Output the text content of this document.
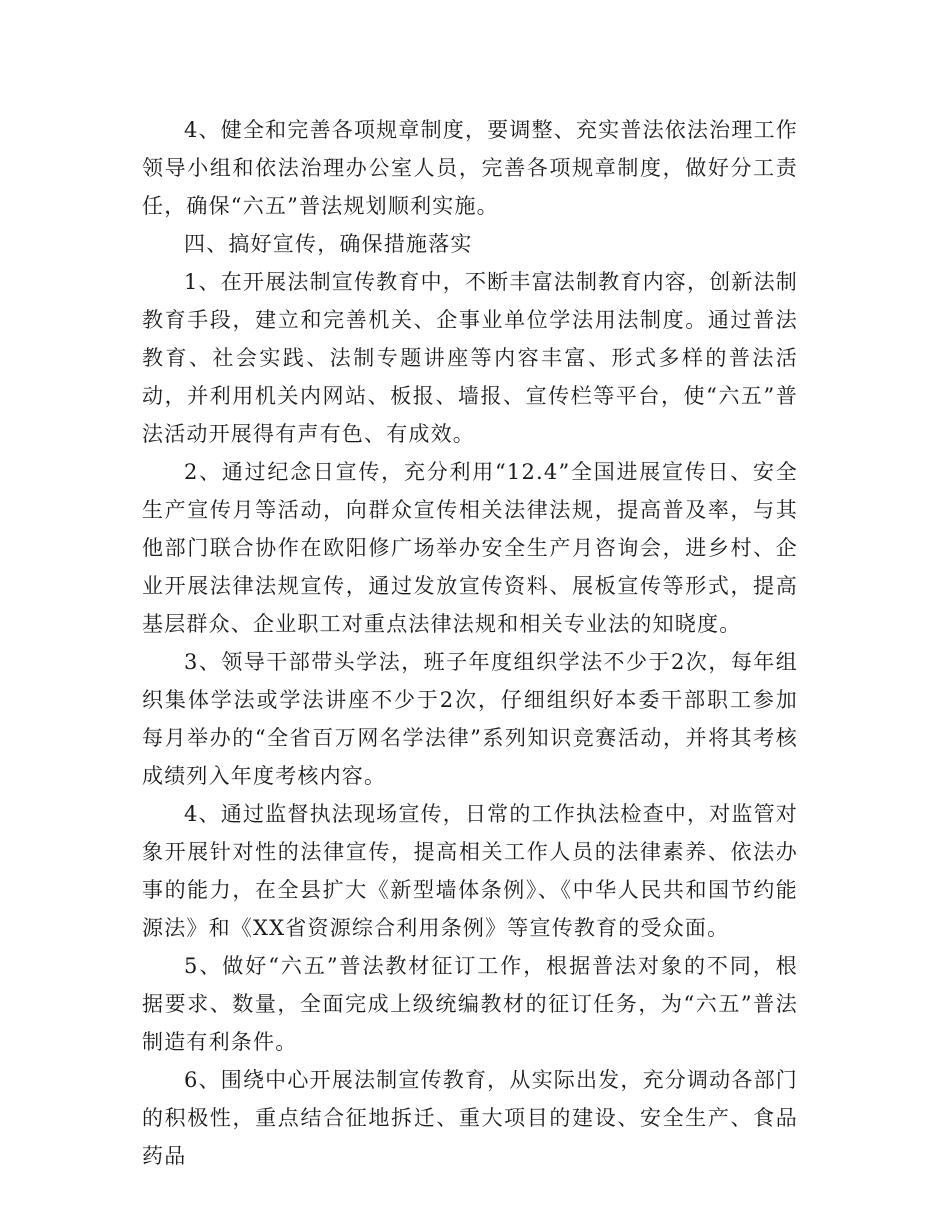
4、健全和完善各项规章制度，要调整、充实普法依法治理工作领导小组和依法治理办公室人员，完善各项规章制度，做好分工责任，确保“六五”普法规划顺利实施。

四、搞好宣传，确保措施落实

1、在开展法制宣传教育中，不断丰富法制教育内容，创新法制教育手段，建立和完善机关、企事业单位学法用法制度。通过普法教育、社会实践、法制专题讲座等内容丰富、形式多样的普法活动，并利用机关内网站、板报、墙报、宣传栏等平台，使“六五”普法活动开展得有声有色、有成效。

2、通过纪念日宣传，充分利用“12.4”全国进展宣传日、安全生产宣传月等活动，向群众宣传相关法律法规，提高普及率，与其他部门联合协作在欧阳修广场举办安全生产月咨询会，进乡村、企业开展法律法规宣传，通过发放宣传资料、展板宣传等形式，提高基层群众、企业职工对重点法律法规和相关专业法的知晓度。

3、领导干部带头学法，班子年度组织学法不少于2次，每年组织集体学法或学法讲座不少于2次，仔细组织好本委干部职工参加每月举办的“全省百万网名学法律”系列知识竞赛活动，并将其考核成绩列入年度考核内容。

4、通过监督执法现场宣传，日常的工作执法检查中，对监管对象开展针对性的法律宣传，提高相关工作人员的法律素养、依法办事的能力，在全县扩大《新型墙体条例》、《中华人民共和国节约能源法》和《XX省资源综合利用条例》等宣传教育的受众面。

5、做好“六五”普法教材征订工作，根据普法对象的不同，根据要求、数量，全面完成上级统编教材的征订任务，为“六五”普法制造有利条件。

6、围绕中心开展法制宣传教育，从实际出发，充分调动各部门的积极性，重点结合征地拆迁、重大项目的建设、安全生产、食品药品
